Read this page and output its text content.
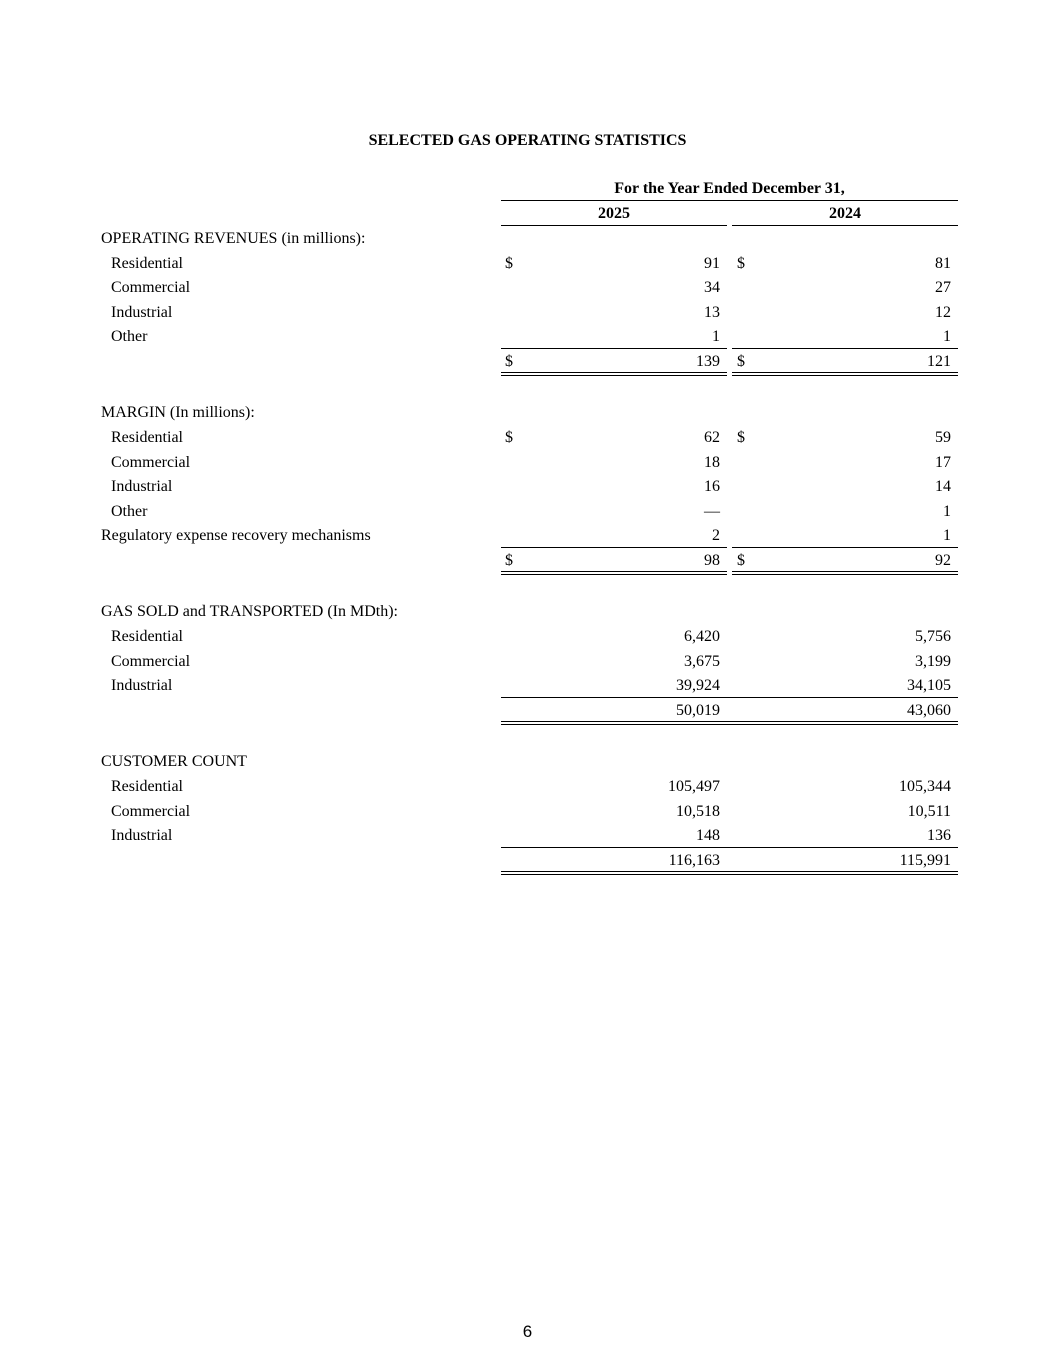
SELECTED GAS OPERATING STATISTICS
For the Year Ended December 31,
2025	2024
OPERATING REVENUES (in millions):
Residential	$	91 $	81
Commercial	34	27
Industrial	13	12
Other	1	1
$	139 $	121
MARGIN (In millions):
Residential	$	62 $	59
Commercial	18	17
Industrial	16	14
Other	—	1
Regulatory expense recovery mechanisms	2	1
$	98 $	92
GAS SOLD and TRANSPORTED (In MDth):
Residential	6,420	5,756
Commercial	3,675	3,199
Industrial	39,924	34,105
50,019	43,060
CUSTOMER COUNT
Residential	105,497	105,344
Commercial	10,518	10,511
Industrial	148	136
116,163	115,991
6
